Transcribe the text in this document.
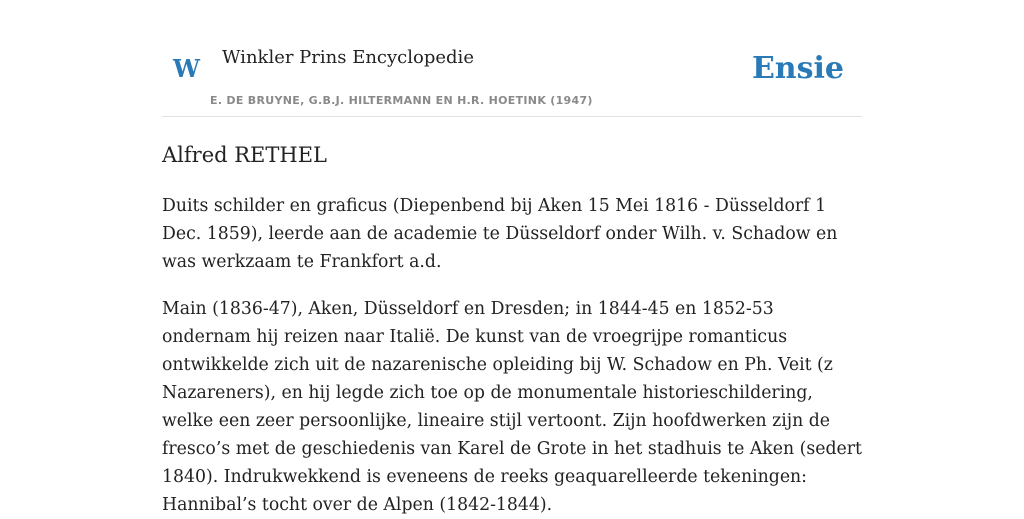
W Winkler Prins Encyclopedie
E. DE BRUYNE, G.B.J. HILTERMANN EN H.R. HOETINK (1947)
Ensie
Alfred RETHEL

Duits schilder en graficus (Diepenbend bij Aken 15 Mei 1816 - Düsseldorf 1 Dec. 1859), leerde aan de academie te Düsseldorf onder Wilh. v. Schadow en was werkzaam te Frankfort a.d.

Main (1836-47), Aken, Düsseldorf en Dresden; in 1844-45 en 1852-53 ondernam hij reizen naar Italië. De kunst van de vroegrijpe romanticus ontwikkelde zich uit de nazarenische opleiding bij W. Schadow en Ph. Veit (z Nazareners), en hij legde zich toe op de monumentale historieschildering, welke een zeer persoonlijke, lineaire stijl vertoont. Zijn hoofdwerken zijn de fresco’s met de geschiedenis van Karel de Grote in het stadhuis te Aken (sedert 1840). Indrukwekkend is eveneens de reeks geaquarelleerde tekeningen: Hannibal’s tocht over de Alpen (1842-1844).
